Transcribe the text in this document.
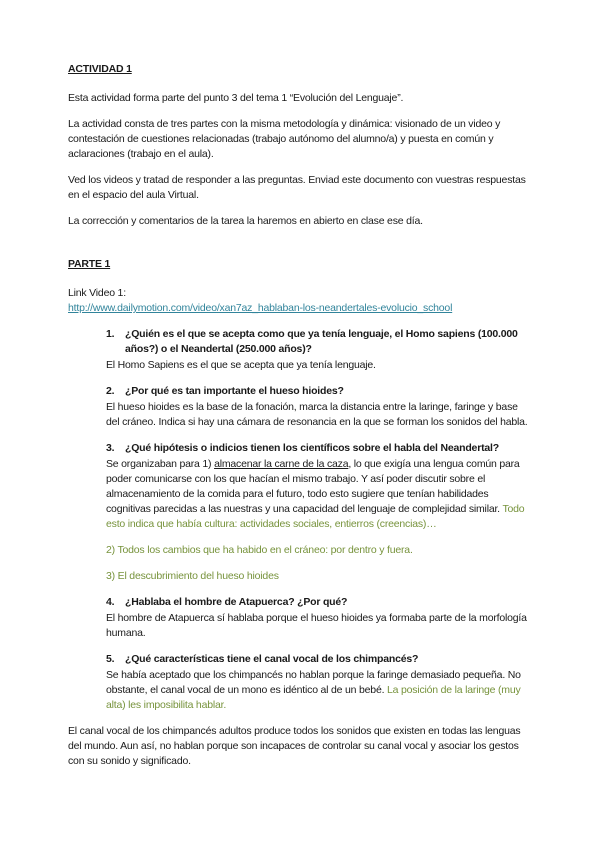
ACTIVIDAD 1

Esta actividad forma parte del punto 3 del tema 1 “Evolución del Lenguaje”.

La actividad consta de tres partes con la misma metodología y dinámica: visionado de un video y contestación de cuestiones relacionadas (trabajo autónomo del alumno/a) y puesta en común y aclaraciones (trabajo en el aula).

Ved los videos y tratad de responder a las preguntas. Enviad este documento con vuestras respuestas en el espacio del aula Virtual.

La corrección y comentarios de la tarea la haremos en abierto en clase ese día.

PARTE 1

Link Video 1:
http://www.dailymotion.com/video/xan7az_hablaban-los-neandertales-evolucio_school

1. ¿Quién es el que se acepta como que ya tenía lenguaje, el Homo sapiens (100.000 años?) o el Neandertal (250.000 años)?

El Homo Sapiens es el que se acepta que ya tenía lenguaje.

2. ¿Por qué es tan importante el hueso hioides?

El hueso hioides es la base de la fonación, marca la distancia entre la laringe, faringe y base del cráneo. Indica si hay una cámara de resonancia en la que se forman los sonidos del habla.

3. ¿Qué hipótesis o indicios tienen los científicos sobre el habla del Neandertal?

Se organizaban para 1) almacenar la carne de la caza, lo que exigía una lengua común para poder comunicarse con los que hacían el mismo trabajo. Y así poder discutir sobre el almacenamiento de la comida para el futuro, todo esto sugiere que tenían habilidades cognitivas parecidas a las nuestras y una capacidad del lenguaje de complejidad similar. Todo esto indica que había cultura: actividades sociales, entierros (creencias)…

2) Todos los cambios que ha habido en el cráneo: por dentro y fuera.

3) El descubrimiento del hueso hioides

4. ¿Hablaba el hombre de Atapuerca? ¿Por qué?

El hombre de Atapuerca sí hablaba porque el hueso hioides ya formaba parte de la morfología humana.

5. ¿Qué características tiene el canal vocal de los chimpancés?

Se había aceptado que los chimpancés no hablan porque la faringe demasiado pequeña. No obstante, el canal vocal de un mono es idéntico al de un bebé. La posición de la laringe (muy alta) les imposibilita hablar.

El canal vocal de los chimpancés adultos produce todos los sonidos que existen en todas las lenguas del mundo. Aun así, no hablan porque son incapaces de controlar su canal vocal y asociar los gestos con su sonido y significado.
